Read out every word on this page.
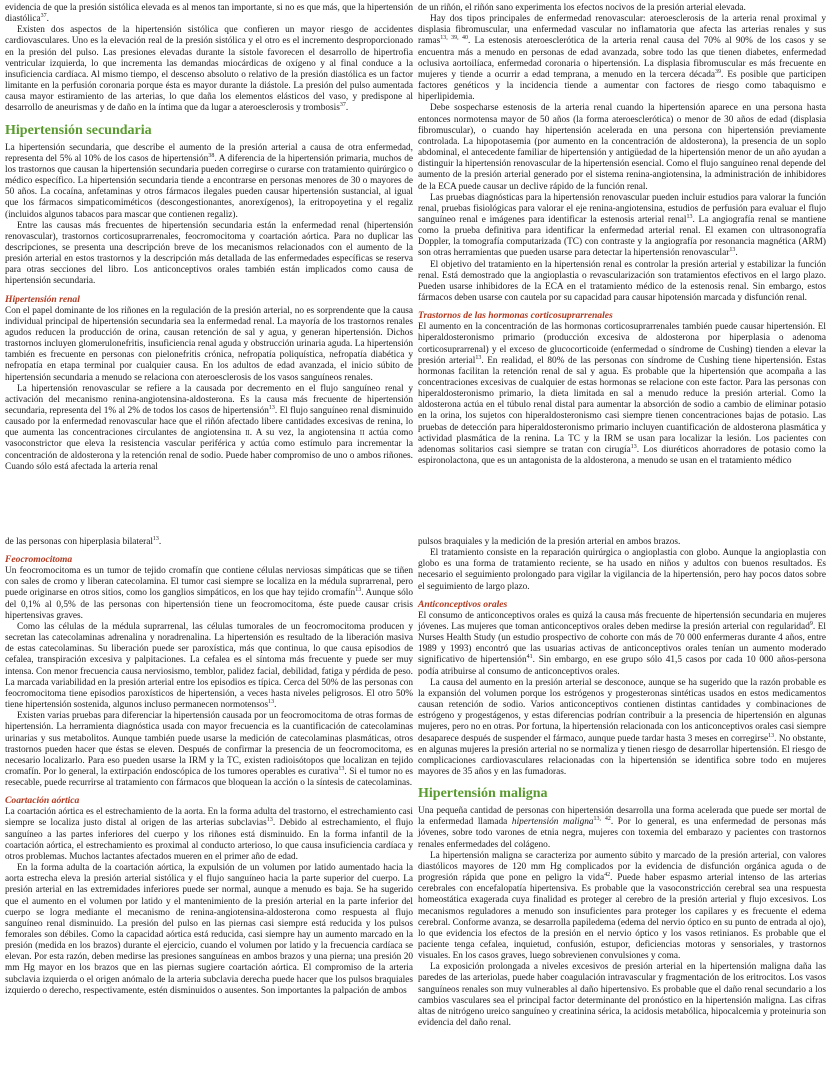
evidencia de que la presión sistólica elevada es al menos tan importante, si no es que más, que la hipertensión diastólica$^{37}$.

Existen dos aspectos de la hipertensión sistólica que confieren un mayor riesgo de accidentes cardiovasculares. Uno es la elevación real de la presión sistólica y el otro es el incremento desproporcionado en la presión del pulso. Las presiones elevadas durante la sístole favorecen el desarrollo de hipertrofia ventricular izquierda, lo que incrementa las demandas miocárdicas de oxígeno y al final conduce a la insuficiencia cardíaca. Al mismo tiempo, el descenso absoluto o relativo de la presión diastólica es un factor limitante en la perfusión coronaria porque ésta es mayor durante la diástole. La presión del pulso aumentada causa mayor estiramiento de las arterias, lo que daña los elementos elásticos del vaso, y predispone al desarrollo de aneurismas y de daño en la íntima que da lugar a ateroesclerosis y trombosis$^{37}$.

Hipertensión secundaria

La hipertensión secundaria, que describe el aumento de la presión arterial a causa de otra enfermedad, representa del 5% al 10% de los casos de hipertensión$^{38}$. A diferencia de la hipertensión primaria, muchos de los trastornos que causan la hipertensión secundaria pueden corregirse o curarse con tratamiento quirúrgico o médico específico. La hipertensión secundaria tiende a encontrarse en personas menores de 30 o mayores de 50 años. La cocaína, anfetaminas y otros fármacos ilegales pueden causar hipertensión sustancial, al igual que los fármacos simpaticomiméticos (descongestionantes, anorexígenos), la eritropoyetina y el regaliz (incluidos algunos tabacos para mascar que contienen regaliz).

Entre las causas más frecuentes de hipertensión secundaria están la enfermedad renal (hipertensión renovascular), trastornos corticosuprarrenales, feocromocitoma y coartación aórtica. Para no duplicar las descripciones, se presenta una descripción breve de los mecanismos relacionados con el aumento de la presión arterial en estos trastornos y la descripción más detallada de las enfermedades específicas se reserva para otras secciones del libro. Los anticonceptivos orales también están implicados como causa de hipertensión secundaria.

Hipertensión renal

Con el papel dominante de los riñones en la regulación de la presión arterial, no es sorprendente que la causa individual principal de hipertensión secundaria sea la enfermedad renal. La mayoría de los trastornos renales agudos reducen la producción de orina, causan retención de sal y agua, y generan hipertensión. Dichos trastornos incluyen glomerulonefritis, insuficiencia renal aguda y obstrucción urinaria aguda. La hipertensión también es frecuente en personas con pielonefritis crónica, nefropatía poliquística, nefropatía diabética y nefropatía en etapa terminal por cualquier causa. En los adultos de edad avanzada, el inicio súbito de hipertensión secundaria a menudo se relaciona con ateroesclerosis de los vasos sanguíneos renales.

La hipertensión renovascular se refiere a la causada por decremento en el flujo sanguíneo renal y activación del mecanismo renina-angiotensina-aldosterona. Es la causa más frecuente de hipertensión secundaria, representa del 1% al 2% de todos los casos de hipertensión$^{13}$. El flujo sanguíneo renal disminuido causado por la enfermedad renovascular hace que el riñón afectado libere cantidades excesivas de renina, lo que aumenta las concentraciones circulantes de angiotensina ii. A su vez, la angiotensina ii actúa como vasoconstrictor que eleva la resistencia vascular periférica y actúa como estímulo para incrementar la concentración de aldosterona y la retención renal de sodio. Puede haber compromiso de uno o ambos riñones. Cuando sólo está afectada la arteria renal

de un riñón, el riñón sano experimenta los efectos nocivos de la presión arterial elevada.

Hay dos tipos principales de enfermedad renovascular: ateroesclerosis de la arteria renal proximal y displasia fibromuscular, una enfermedad vascular no inflamatoria que afecta las arterias renales y sus ramas$^{13, 39, 40}$. La estenosis ateroesclerótica de la arteria renal causa del 70% al 90% de los casos y se encuentra más a menudo en personas de edad avanzada, sobre todo las que tienen diabetes, enfermedad oclusiva aortoilíaca, enfermedad coronaria o hipertensión. La displasia fibromuscular es más frecuente en mujeres y tiende a ocurrir a edad temprana, a menudo en la tercera década$^{39}$. Es posible que participen factores genéticos y la incidencia tiende a aumentar con factores de riesgo como tabaquismo e hiperlipidemia.

Debe sospecharse estenosis de la arteria renal cuando la hipertensión aparece en una persona hasta entonces normotensa mayor de 50 años (la forma ateroesclerótica) o menor de 30 años de edad (displasia fibromuscular), o cuando hay hipertensión acelerada en una persona con hipertensión previamente controlada. La hipopotasemia (por aumento en la concentración de aldosterona), la presencia de un soplo abdominal, el antecedente familiar de hipertensión y antigüedad de la hipertensión menor de un año ayudan a distinguir la hipertensión renovascular de la hipertensión esencial. Como el flujo sanguíneo renal depende del aumento de la presión arterial generado por el sistema renina-angiotensina, la administración de inhibidores de la ECA puede causar un declive rápido de la función renal.

Las pruebas diagnósticas para la hipertensión renovascular pueden incluir estudios para valorar la función renal, pruebas fisiológicas para valorar el eje renina-angiotensina, estudios de perfusión para evaluar el flujo sanguíneo renal e imágenes para identificar la estenosis arterial renal$^{13}$. La angiografía renal se mantiene como la prueba definitiva para identificar la enfermedad arterial renal. El examen con ultrasonografía Doppler, la tomografía computarizada (TC) con contraste y la angiografía por resonancia magnética (ARM) son otras herramientas que pueden usarse para detectar la hipertensión renovascular$^{13}$.

El objetivo del tratamiento en la hipertensión renal es controlar la presión arterial y estabilizar la función renal. Está demostrado que la angioplastia o revascularización son tratamientos efectivos en el largo plazo. Pueden usarse inhibidores de la ECA en el tratamiento médico de la estenosis renal. Sin embargo, estos fármacos deben usarse con cautela por su capacidad para causar hipotensión marcada y disfunción renal.

Trastornos de las hormonas corticosuprarrenales

El aumento en la concentración de las hormonas corticosuprarrenales también puede causar hipertensión. El hiperaldosteronismo primario (producción excesiva de aldosterona por hiperplasia o adenoma corticosuprarrenal) y el exceso de glucocorticoide (enfermedad o síndrome de Cushing) tienden a elevar la presión arterial$^{13}$. En realidad, el 80% de las personas con síndrome de Cushing tiene hipertensión. Estas hormonas facilitan la retención renal de sal y agua. Es probable que la hipertensión que acompaña a las concentraciones excesivas de cualquier de estas hormonas se relacione con este factor. Para las personas con hiperaldosteronismo primario, la dieta limitada en sal a menudo reduce la presión arterial. Como la aldosterona actúa en el túbulo renal distal para aumentar la absorción de sodio a cambio de eliminar potasio en la orina, los sujetos con hiperaldosteronismo casi siempre tienen concentraciones bajas de potasio. Las pruebas de detección para hiperaldosteronismo primario incluyen cuantificación de aldosterona plasmática y actividad plasmática de la renina. La TC y la IRM se usan para localizar la lesión. Los pacientes con adenomas solitarios casi siempre se tratan con cirugía$^{13}$. Los diuréticos ahorradores de potasio como la espironolactona, que es un antagonista de la aldosterona, a menudo se usan en el tratamiento médico

de las personas con hiperplasia bilateral$^{13}$.

Feocromocitoma

Un feocromocitoma es un tumor de tejido cromafín que contiene células nerviosas simpáticas que se tiñen con sales de cromo y liberan catecolamina. El tumor casi siempre se localiza en la médula suprarrenal, pero puede originarse en otros sitios, como los ganglios simpáticos, en los que hay tejido cromafín$^{13}$. Aunque sólo del 0,1% al 0,5% de las personas con hipertensión tiene un feocromocitoma, éste puede causar crisis hipertensivas graves.

Como las células de la médula suprarrenal, las células tumorales de un feocromocitoma producen y secretan las catecolaminas adrenalina y noradrenalina. La hipertensión es resultado de la liberación masiva de estas catecolaminas. Su liberación puede ser paroxística, más que continua, lo que causa episodios de cefalea, transpiración excesiva y palpitaciones. La cefalea es el síntoma más frecuente y puede ser muy intensa. Con menor frecuencia causa nerviosismo, temblor, palidez facial, debilidad, fatiga y pérdida de peso. La marcada variabilidad en la presión arterial entre los episodios es típica. Cerca del 50% de las personas con feocromocitoma tiene episodios paroxísticos de hipertensión, a veces hasta niveles peligrosos. El otro 50% tiene hipertensión sostenida, algunos incluso permanecen normotensos$^{13}$.

Existen varias pruebas para diferenciar la hipertensión causada por un feocromocitoma de otras formas de hipertensión. La herramienta diagnóstica usada con mayor frecuencia es la cuantificación de catecolaminas urinarias y sus metabolitos. Aunque también puede usarse la medición de catecolaminas plasmáticas, otros trastornos pueden hacer que éstas se eleven. Después de confirmar la presencia de un feocromocitoma, es necesario localizarlo. Para eso pueden usarse la IRM y la TC, existen radioisótopos que localizan en tejido cromafín. Por lo general, la extirpación endoscópica de los tumores operables es curativa$^{13}$. Si el tumor no es resecable, puede recurrirse al tratamiento con fármacos que bloquean la acción o la síntesis de catecolaminas.

Coartación aórtica

La coartación aórtica es el estrechamiento de la aorta. En la forma adulta del trastorno, el estrechamiento casi siempre se localiza justo distal al origen de las arterias subclavias$^{13}$. Debido al estrechamiento, el flujo sanguíneo a las partes inferiores del cuerpo y los riñones está disminuido. En la forma infantil de la coartación aórtica, el estrechamiento es proximal al conducto arterioso, lo que causa insuficiencia cardíaca y otros problemas. Muchos lactantes afectados mueren en el primer año de edad.

En la forma adulta de la coartación aórtica, la expulsión de un volumen por latido aumentado hacia la aorta estrecha eleva la presión arterial sistólica y el flujo sanguíneo hacia la parte superior del cuerpo. La presión arterial en las extremidades inferiores puede ser normal, aunque a menudo es baja. Se ha sugerido que el aumento en el volumen por latido y el mantenimiento de la presión arterial en la parte inferior del cuerpo se logra mediante el mecanismo de renina-angiotensina-aldosterona como respuesta al flujo sanguíneo renal disminuido. La presión del pulso en las piernas casi siempre está reducida y los pulsos femorales son débiles. Como la capacidad aórtica está reducida, casi siempre hay un aumento marcado en la presión (medida en los brazos) durante el ejercicio, cuando el volumen por latido y la frecuencia cardíaca se elevan. Por esta razón, deben medirse las presiones sanguíneas en ambos brazos y una pierna; una presión 20 mm Hg mayor en los brazos que en las piernas sugiere coartación aórtica. El compromiso de la arteria subclavia izquierda o el origen anómalo de la arteria subclavia derecha puede hacer que los pulsos braquiales izquierdo o derecho, respectivamente, estén disminuidos o ausentes. Son importantes la palpación de ambos

pulsos braquiales y la medición de la presión arterial en ambos brazos.

El tratamiento consiste en la reparación quirúrgica o angioplastia con globo. Aunque la angioplastia con globo es una forma de tratamiento reciente, se ha usado en niños y adultos con buenos resultados. Es necesario el seguimiento prolongado para vigilar la vigilancia de la hipertensión, pero hay pocos datos sobre el seguimiento de largo plazo.

Anticonceptivos orales

El consumo de anticonceptivos orales es quizá la causa más frecuente de hipertensión secundaria en mujeres jóvenes. Las mujeres que toman anticonceptivos orales deben medirse la presión arterial con regularidad$^9$. El Nurses Health Study (un estudio prospectivo de cohorte con más de 70 000 enfermeras durante 4 años, entre 1989 y 1993) encontró que las usuarias activas de anticonceptivos orales tenían un aumento moderado significativo de hipertensión$^{41}$. Sin embargo, en ese grupo sólo 41,5 casos por cada 10 000 años-persona podía atribuirse al consumo de anticonceptivos orales.

La causa del aumento en la presión arterial se desconoce, aunque se ha sugerido que la razón probable es la expansión del volumen porque los estrógenos y progesteronas sintéticas usados en estos medicamentos causan retención de sodio. Varios anticonceptivos contienen distintas cantidades y combinaciones de estrógeno y progestágenos, y estas diferencias podrían contribuir a la presencia de hipertensión en algunas mujeres, pero no en otras. Por fortuna, la hipertensión relacionada con los anticonceptivos orales casi siempre desaparece después de suspender el fármaco, aunque puede tardar hasta 3 meses en corregirse$^{13}$. No obstante, en algunas mujeres la presión arterial no se normaliza y tienen riesgo de desarrollar hipertensión. El riesgo de complicaciones cardiovasculares relacionadas con la hipertensión se identifica sobre todo en mujeres mayores de 35 años y en las fumadoras.

Hipertensión maligna

Una pequeña cantidad de personas con hipertensión desarrolla una forma acelerada que puede ser mortal de la enfermedad llamada hipertensión maligna$^{13, 42}$. Por lo general, es una enfermedad de personas más jóvenes, sobre todo varones de etnia negra, mujeres con toxemia del embarazo y pacientes con trastornos renales enfermedades del colágeno.

La hipertensión maligna se caracteriza por aumento súbito y marcado de la presión arterial, con valores diastólicos mayores de 120 mm Hg complicados por la evidencia de disfunción orgánica aguda o de progresión rápida que pone en peligro la vida$^{42}$. Puede haber espasmo arterial intenso de las arterias cerebrales con encefalopatía hipertensiva. Es probable que la vasoconstricción cerebral sea una respuesta homeostática exagerada cuya finalidad es proteger al cerebro de la presión arterial y flujo excesivos. Los mecanismos reguladores a menudo son insuficientes para proteger los capilares y es frecuente el edema cerebral. Conforme avanza, se desarrolla papiledema (edema del nervio óptico en su punto de entrada al ojo), lo que evidencia los efectos de la presión en el nervio óptico y los vasos retinianos. Es probable que el paciente tenga cefalea, inquietud, confusión, estupor, deficiencias motoras y sensoriales, y trastornos visuales. En los casos graves, luego sobrevienen convulsiones y coma.

La exposición prolongada a niveles excesivos de presión arterial en la hipertensión maligna daña las paredes de las arteriolas, puede haber coagulación intravascular y fragmentación de los eritrocitos. Los vasos sanguíneos renales son muy vulnerables al daño hipertensivo. Es probable que el daño renal secundario a los cambios vasculares sea el principal factor determinante del pronóstico en la hipertensión maligna. Las cifras altas de nitrógeno ureico sanguíneo y creatinina sérica, la acidosis metabólica, hipocalcemia y proteinuria son evidencia del daño renal.
